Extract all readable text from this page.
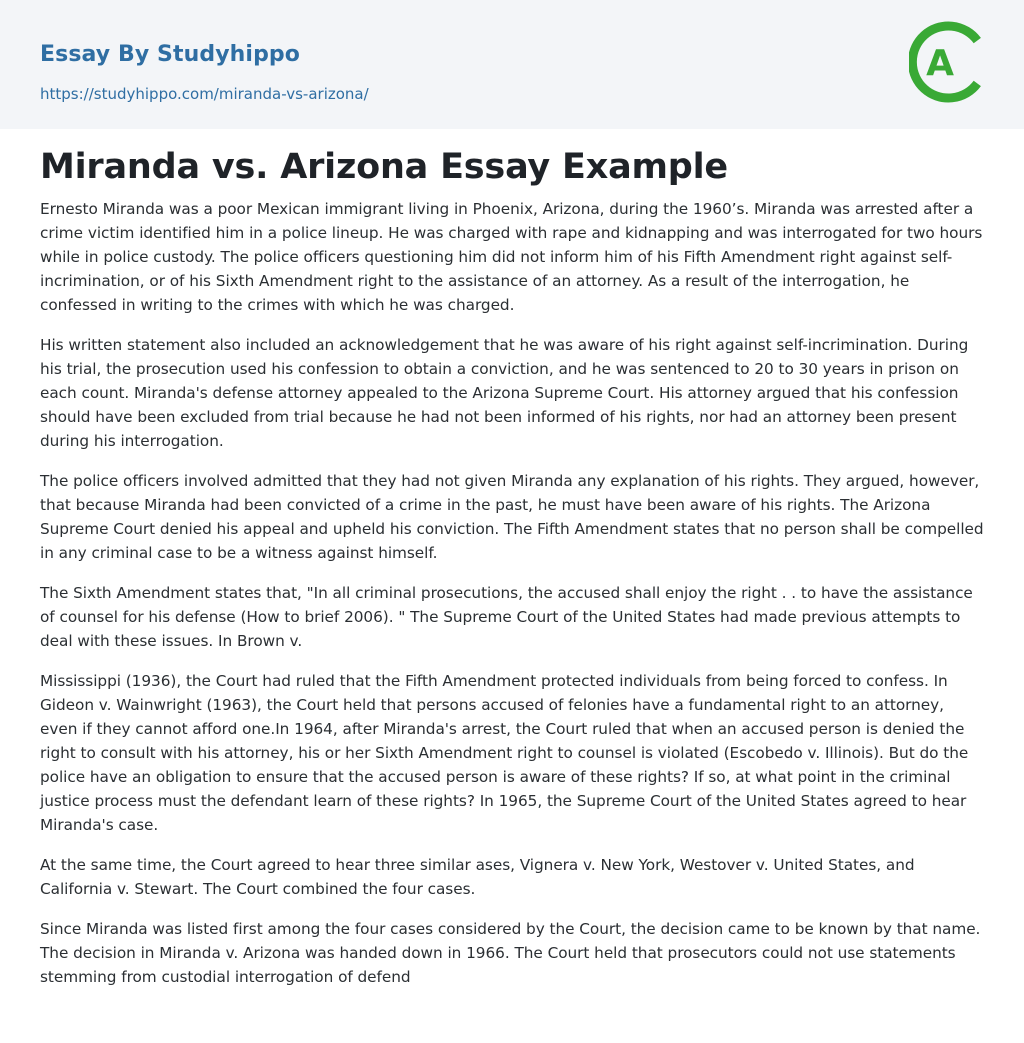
Essay By Studyhippo
https://studyhippo.com/miranda-vs-arizona/
A
Miranda vs. Arizona Essay Example

Ernesto Miranda was a poor Mexican immigrant living in Phoenix, Arizona, during the 1960’s. Miranda was arrested after a crime victim identified him in a police lineup. He was charged with rape and kidnapping and was interrogated for two hours while in police custody. The police officers questioning him did not inform him of his Fifth Amendment right against self-incrimination, or of his Sixth Amendment right to the assistance of an attorney. As a result of the interrogation, he confessed in writing to the crimes with which he was charged.

His written statement also included an acknowledgement that he was aware of his right against self-incrimination. During his trial, the prosecution used his confession to obtain a conviction, and he was sentenced to 20 to 30 years in prison on each count. Miranda's defense attorney appealed to the Arizona Supreme Court. His attorney argued that his confession should have been excluded from trial because he had not been informed of his rights, nor had an attorney been present during his interrogation.

The police officers involved admitted that they had not given Miranda any explanation of his rights. They argued, however, that because Miranda had been convicted of a crime in the past, he must have been aware of his rights. The Arizona Supreme Court denied his appeal and upheld his conviction. The Fifth Amendment states that no person shall be compelled in any criminal case to be a witness against himself.

The Sixth Amendment states that, "In all criminal prosecutions, the accused shall enjoy the right . . to have the assistance of counsel for his defense (How to brief 2006). " The Supreme Court of the United States had made previous attempts to deal with these issues. In Brown v.

Mississippi (1936), the Court had ruled that the Fifth Amendment protected individuals from being forced to confess. In Gideon v. Wainwright (1963), the Court held that persons accused of felonies have a fundamental right to an attorney, even if they cannot afford one.In 1964, after Miranda's arrest, the Court ruled that when an accused person is denied the right to consult with his attorney, his or her Sixth Amendment right to counsel is violated (Escobedo v. Illinois). But do the police have an obligation to ensure that the accused person is aware of these rights? If so, at what point in the criminal justice process must the defendant learn of these rights? In 1965, the Supreme Court of the United States agreed to hear Miranda's case.

At the same time, the Court agreed to hear three similar ases, Vignera v. New York, Westover v. United States, and California v. Stewart. The Court combined the four cases.

Since Miranda was listed first among the four cases considered by the Court, the decision came to be known by that name. The decision in Miranda v. Arizona was handed down in 1966. The Court held that prosecutors could not use statements stemming from custodial interrogation of defend
